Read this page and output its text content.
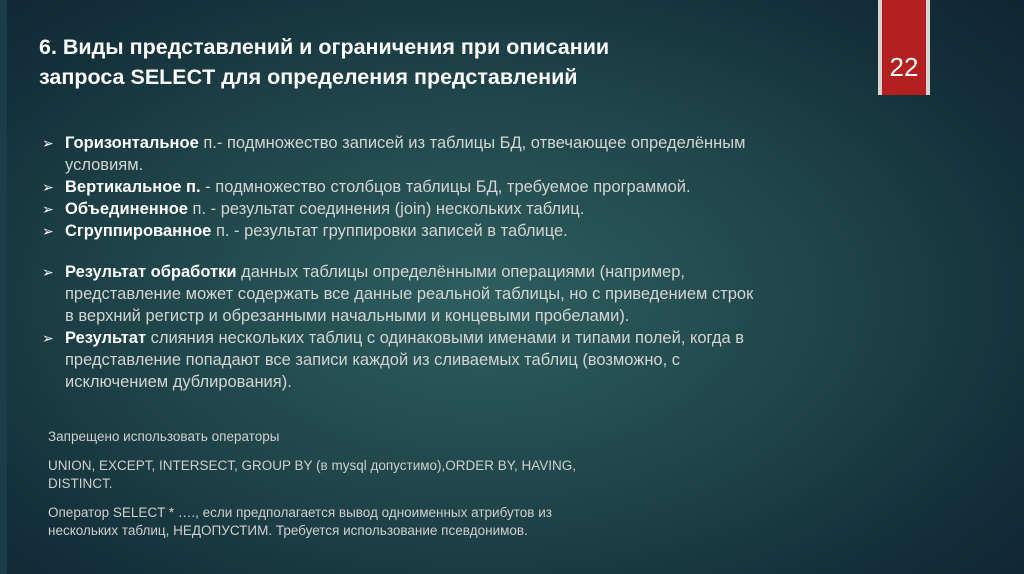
22
6. Виды представлений и ограничения при описании
запроса SELECT для определения представлений
➢ Горизонтальное п.- подмножество записей из таблицы БД, отвечающее определённым
условиям.
➢ Вертикальное п. - подмножество столбцов таблицы БД, требуемое программой.
➢ Объединенное п. - результат соединения (join) нескольких таблиц.
➢ Сгруппированное п. - результат группировки записей в таблице.
➢ Результат обработки данных таблицы определёнными операциями (например,
представление может содержать все данные реальной таблицы, но с приведением строк
в верхний регистр и обрезанными начальными и концевыми пробелами).
➢ Результат слияния нескольких таблиц с одинаковыми именами и типами полей, когда в
представление попадают все записи каждой из сливаемых таблиц (возможно, с
исключением дублирования).

Запрещено использовать операторы

UNION, EXCEPT, INTERSECT, GROUP BY (в mysql допустимо),ORDER BY, HAVING,
DISTINCT.

Оператор SELECT * …., если предполагается вывод одноименных атрибутов из
нескольких таблиц, НЕДОПУСТИМ. Требуется использование псевдонимов.
